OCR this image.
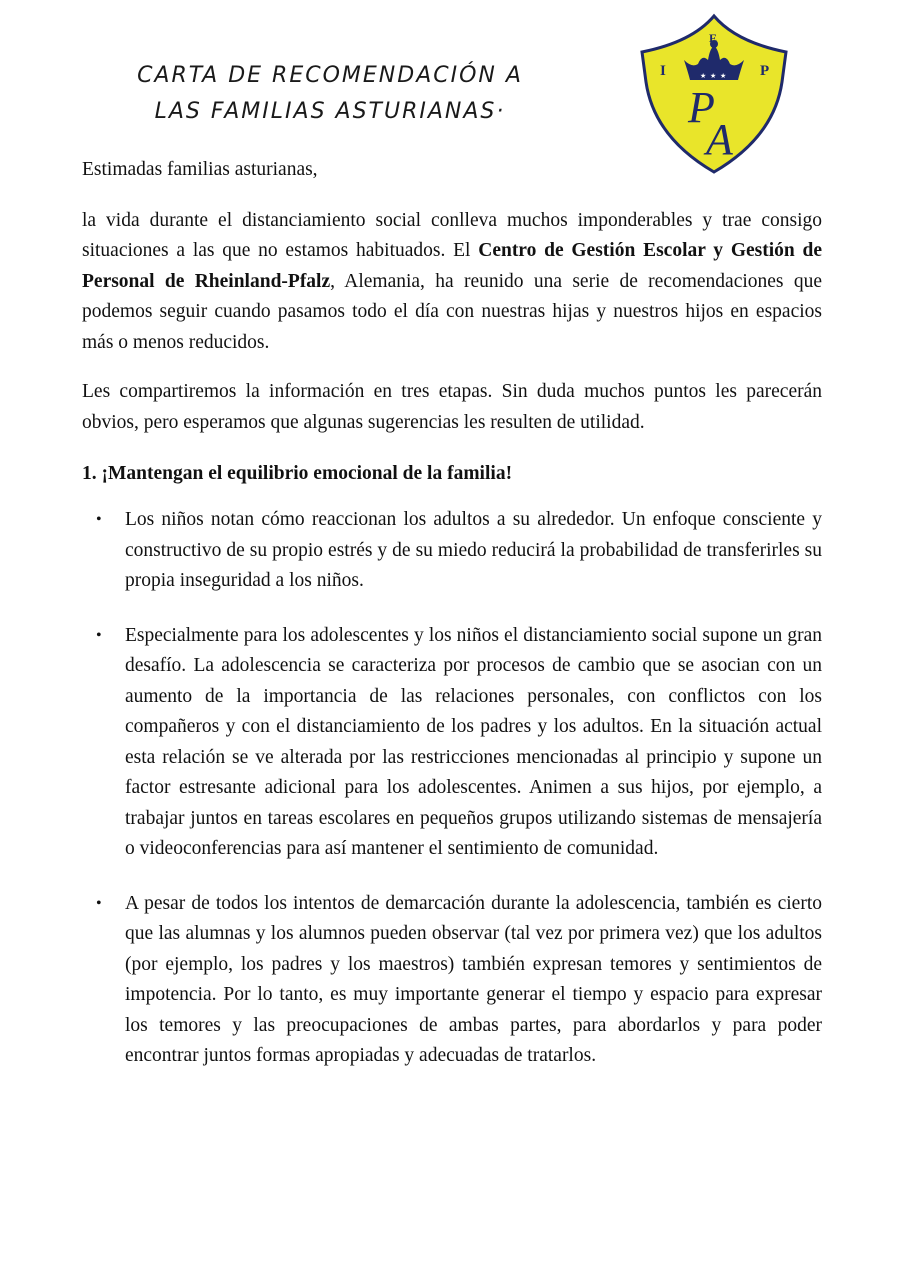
CARTA DE RECOMENDACIÓN A
LAS FAMILIAS ASTURIANAS·
★ ★ ★
E
I	P
P
A

Estimadas familias asturianas,

la vida durante el distanciamiento social conlleva muchos imponderables y trae consigo situaciones a las que no estamos habituados. El Centro de Gestión Escolar y Gestión de Personal de Rheinland-Pfalz, Alemania, ha reunido una serie de recomendaciones que podemos seguir cuando pasamos todo el día con nuestras hijas y nuestros hijos en espacios más o menos reducidos.

Les compartiremos la información en tres etapas. Sin duda muchos puntos les parecerán obvios, pero esperamos que algunas sugerencias les resulten de utilidad.

1. ¡Mantengan el equilibrio emocional de la familia!
• Los niños notan cómo reaccionan los adultos a su alrededor. Un enfoque consciente y constructivo de su propio estrés y de su miedo reducirá la probabilidad de transferirles su propia inseguridad a los niños.
• Especialmente para los adolescentes y los niños el distanciamiento social supone un gran desafío. La adolescencia se caracteriza por procesos de cambio que se asocian con un aumento de la importancia de las relaciones personales, con conflictos con los compañeros y con el distanciamiento de los padres y los adultos. En la situación actual esta relación se ve alterada por las restricciones mencionadas al principio y supone un factor estresante adicional para los adolescentes. Animen a sus hijos, por ejemplo, a trabajar juntos en tareas escolares en pequeños grupos utilizando sistemas de mensajería o videoconferencias para así mantener el sentimiento de comunidad.
• A pesar de todos los intentos de demarcación durante la adolescencia, también es cierto que las alumnas y los alumnos pueden observar (tal vez por primera vez) que los adultos (por ejemplo, los padres y los maestros) también expresan temores y sentimientos de impotencia. Por lo tanto, es muy importante generar el tiempo y espacio para expresar los temores y las preocupaciones de ambas partes, para abordarlos y para poder encontrar juntos formas apropiadas y adecuadas de tratarlos.
